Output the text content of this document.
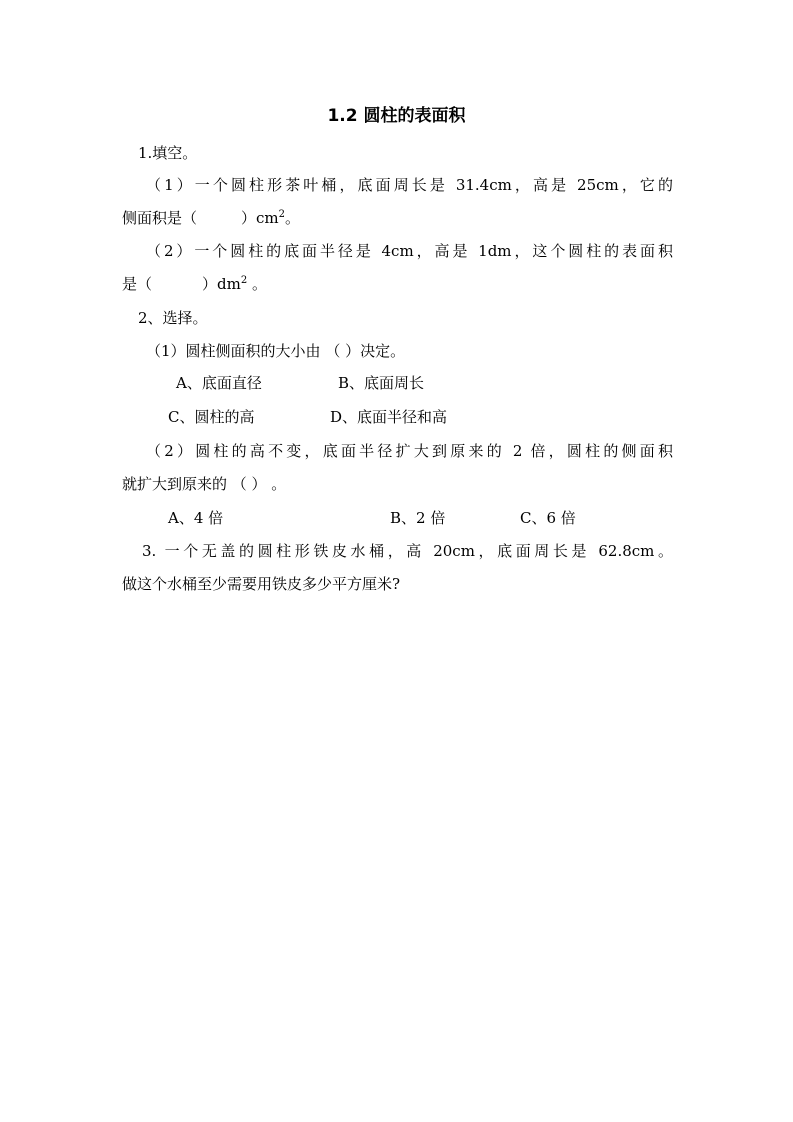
1.2 圆柱的表面积
1.填空。
（1）一个圆柱形茶叶桶，底面周长是 31.4cm，高是 25cm，它的
侧面积是（	）$cm^2$。
（2）一个圆柱的底面半径是 4cm，高是 1dm，这个圆柱的表面积
是（	）$dm^2$ 。
2、选择。
（1）圆柱侧面积的大小由 （ ）决定。
A、底面直径	B、底面周长
C、圆柱的高	D、底面半径和高
（2）圆柱的高不变，底面半径扩大到原来的 2 倍，圆柱的侧面积
就扩大到原来的 （ ） 。
A、4 倍	B、2 倍	C、6 倍
3. 一个无盖的圆柱形铁皮水桶，高 20cm，底面周长是 62.8cm。
做这个水桶至少需要用铁皮多少平方厘米?
